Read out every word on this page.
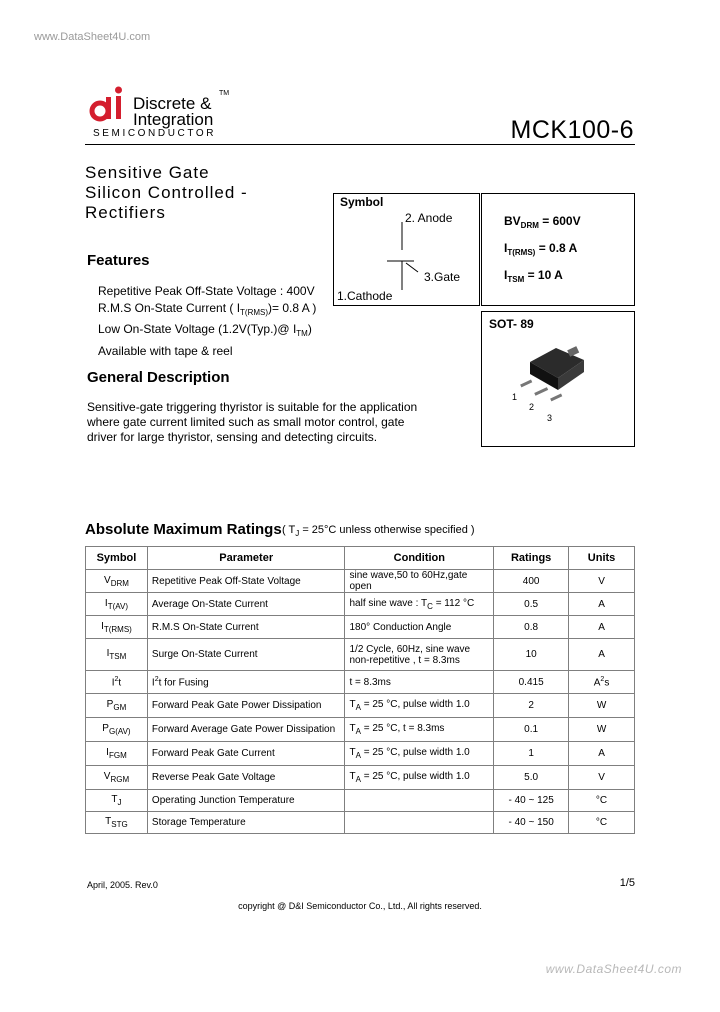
www.DataSheet4U.com
Discrete &
Integration
TM
SEMICONDUCTOR	MCK100-6
Sensitive Gate
Silicon Controlled -
Rectifiers
Features
Repetitive Peak Off-State Voltage : 400V
R.M.S On-State Current ( $I_{T(RMS)})= 0.8$ A )
Low On-State Voltage (1.2V(Typ.)@ $I_{TM}$)
Available with tape & reel
General Description
Sensitive-gate triggering thyristor is suitable for the application where gate current limited such as small motor control, gate driver for large thyristor, sensing and detecting circuits.
Symbol
2. Anode
3.Gate
1.Cathode
$BV_{DRM} = 600V$
$I_{T(RMS)} = 0.8$ A
$I_{TSM} = 10$ A
SOT- 89
1
2
3
Absolute Maximum Ratings ( $T_J = 25^\circ C$ unless otherwise specified )
Symbol	Parameter	Condition	Ratings	Units
$V_{DRM}$	Repetitive Peak Off-State Voltage	sine wave,50 to 60Hz,gate open	400	V
$I_{T(AV)}$	Average On-State Current	half sine wave : $T_C = 112$ °C	0.5	A
$I_{T(RMS)}$	R.M.S On-State Current	180° Conduction Angle	0.8	A
$I_{TSM}$	Surge On-State Current	1/2 Cycle, 60Hz, sine wave
non-repetitive , t = 8.3ms	10	A
$I^2t$	$I^2t$ for Fusing	t = 8.3ms	0.415	$A^2s$
$P_{GM}$	Forward Peak Gate Power Dissipation	$T_A = 25$ °C, pulse width 1.0	2	W
$P_{G(AV)}$	Forward Average Gate Power Dissipation	$T_A = 25$ °C, t = 8.3ms	0.1	W
$I_{FGM}$	Forward Peak Gate Current	$T_A = 25$ °C, pulse width 1.0	1	A
$V_{RGM}$	Reverse Peak Gate Voltage	$T_A = 25$ °C, pulse width 1.0	5.0	V
$T_J$	Operating Junction Temperature		- 40 ~ 125	°C
$T_{STG}$	Storage Temperature		- 40 ~ 150	°C
April, 2005. Rev.0	1/5
copyright @ D&I Semiconductor Co., Ltd., All rights reserved.
www.DataSheet4U.com
